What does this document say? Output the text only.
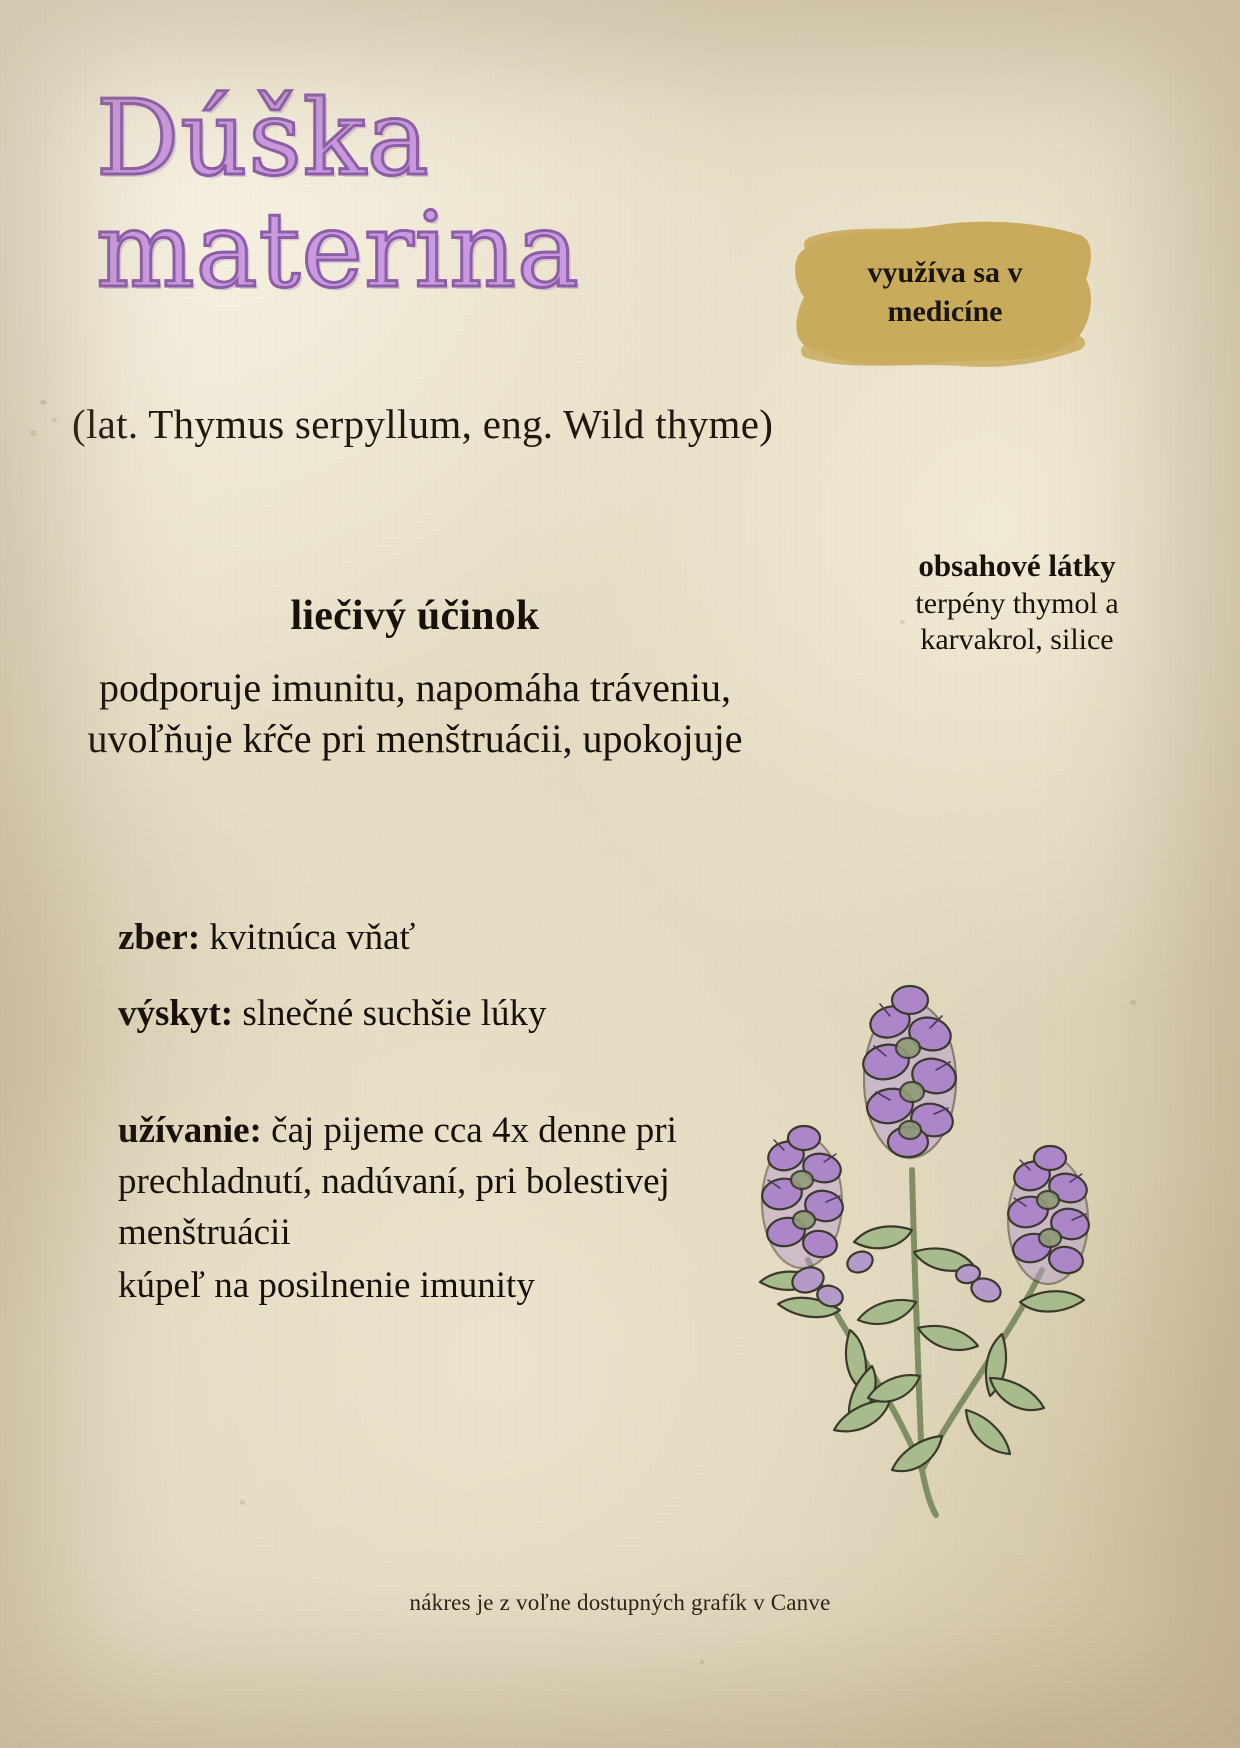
Dúška
materina
(lat. Thymus serpyllum, eng. Wild thyme)
využíva sa v medicíne
obsahové látky
terpény thymol a karvakrol, silice
liečivý účinok
podporuje imunitu, napomáha tráveniu, uvoľňuje kŕče pri menštruácii, upokojuje
zber: kvitnúca vňať
výskyt: slnečné suchšie lúky
užívanie: čaj pijeme cca 4x denne pri prechladnutí, nadúvaní, pri bolestivej menštruácii
kúpeľ na posilnenie imunity
nákres je z voľne dostupných grafík v Canve
